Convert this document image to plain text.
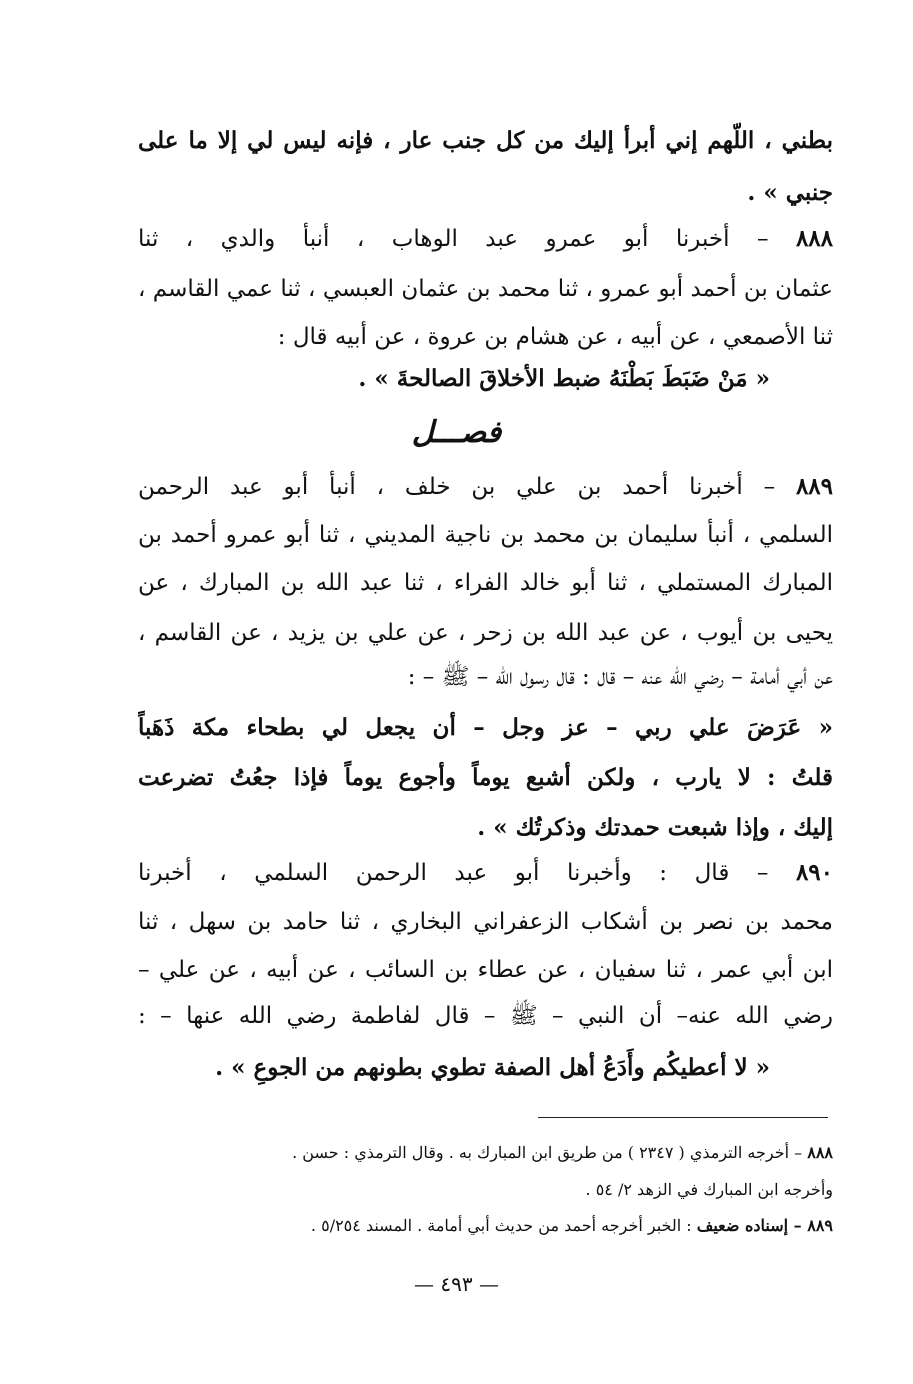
بطني ، اللّهم إني أبرأ إليك من كل جنب عار ، فإنه ليس لي إلا ما على
جنبي » .
٨٨٨ – أخبرنا أبو عمرو عبد الوهاب ، أنبأ والدي ، ثنا
عثمان بن أحمد أبو عمرو ، ثنا محمد بن عثمان العبسي ، ثنا عمي القاسم ،
ثنا الأصمعي ، عن أبيه ، عن هشام بن عروة ، عن أبيه قال :
« مَنْ ضَبَطَ بَطْنَهُ ضبط الأخلاقَ الصالحةَ » .
فصـــل
٨٨٩ – أخبرنا أحمد بن علي بن خلف ، أنبأ أبو عبد الرحمن
السلمي ، أنبأ سليمان بن محمد بن ناجية المديني ، ثنا أبو عمرو أحمد بن
المبارك المستملي ، ثنا أبو خالد الفراء ، ثنا عبد الله بن المبارك ، عن
يحيى بن أيوب ، عن عبد الله بن زحر ، عن علي بن يزيد ، عن القاسم ،
عن أبي أمامة – رضي الله عنه – قال : قال رسول الله – ﷺ – :
« عَرَضَ علي ربي – عز وجل – أن يجعل لي بطحاء مكة ذَهَباً
قلتُ : لا يارب ، ولكن أشبع يوماً وأجوع يوماً فإذا جعُتُ تضرعت
إليك ، وإذا شبعت حمدتك وذكرتُك » .
٨٩٠ – قال : وأخبرنا أبو عبد الرحمن السلمي ، أخبرنا
محمد بن نصر بن أشكاب الزعفراني البخاري ، ثنا حامد بن سهل ، ثنا
ابن أبي عمر ، ثنا سفيان ، عن عطاء بن السائب ، عن أبيه ، عن علي –
رضي الله عنه– أن النبي – ﷺ – قال لفاطمة رضي الله عنها – :
« لا أعطيكُم وأَدَعُ أهل الصفة تطوي بطونهم من الجوعِ » .
٨٨٨ – أخرجه الترمذي ( ٢٣٤٧ ) من طريق ابن المبارك به . وقال الترمذي : حسن .
وأخرجه ابن المبارك في الزهد ٢/ ٥٤ .
٨٨٩ – إسناده ضعيف : الخبر أخرجه أحمد من حديث أبي أمامة . المسند ٥/٢٥٤ .
— ٤٩٣ —
